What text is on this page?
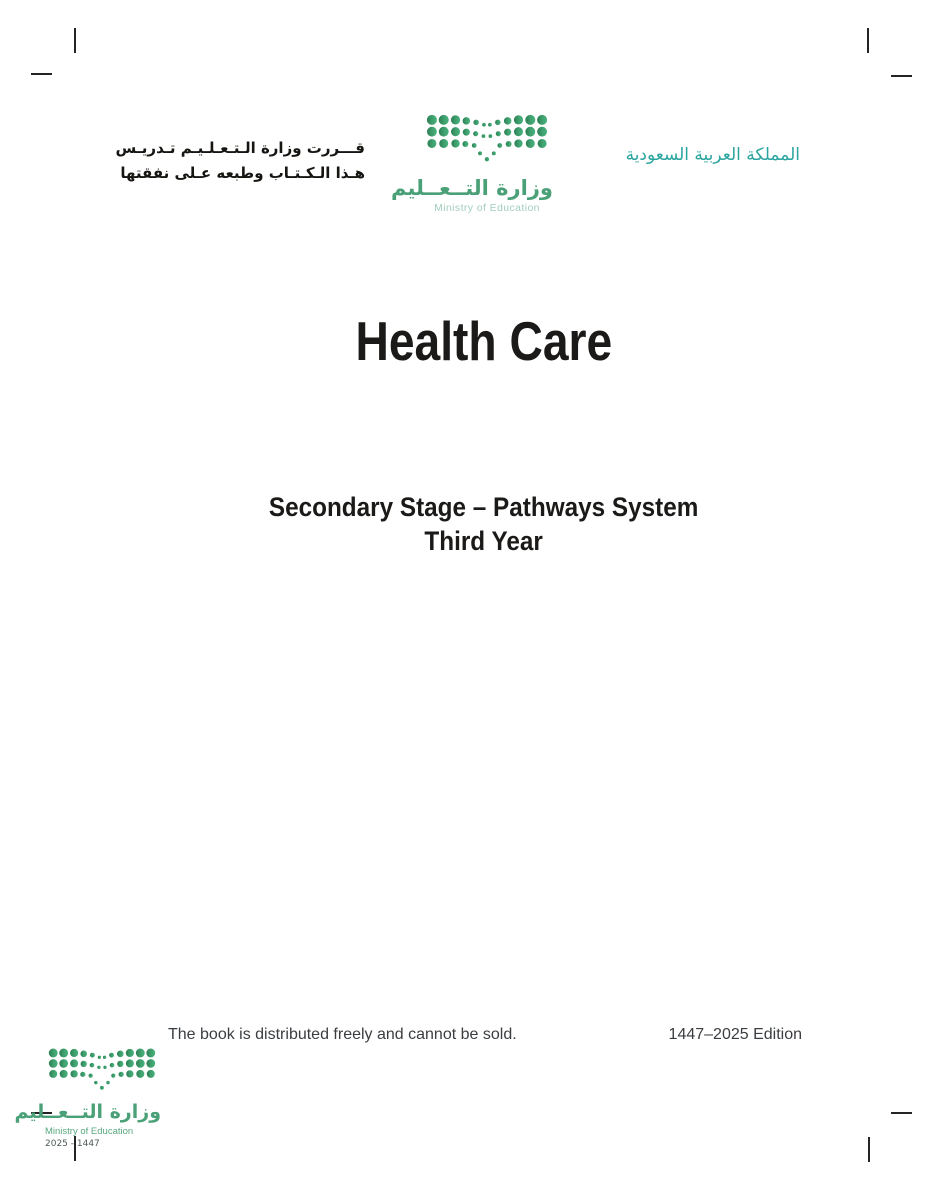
قـــررت وزارة الـتـعـلـيـم تـدريـس
هـذا الـكـتـاب وطبعه عـلى نفقتها
وزارة التــعــليم
Ministry of Education
المملكة العربية السعودية
Health Care
Secondary Stage – Pathways System
Third Year
The book is distributed freely and cannot be sold.	1447–2025 Edition
وزارة التــعــليم
Ministry of Education
2025 - 1447
